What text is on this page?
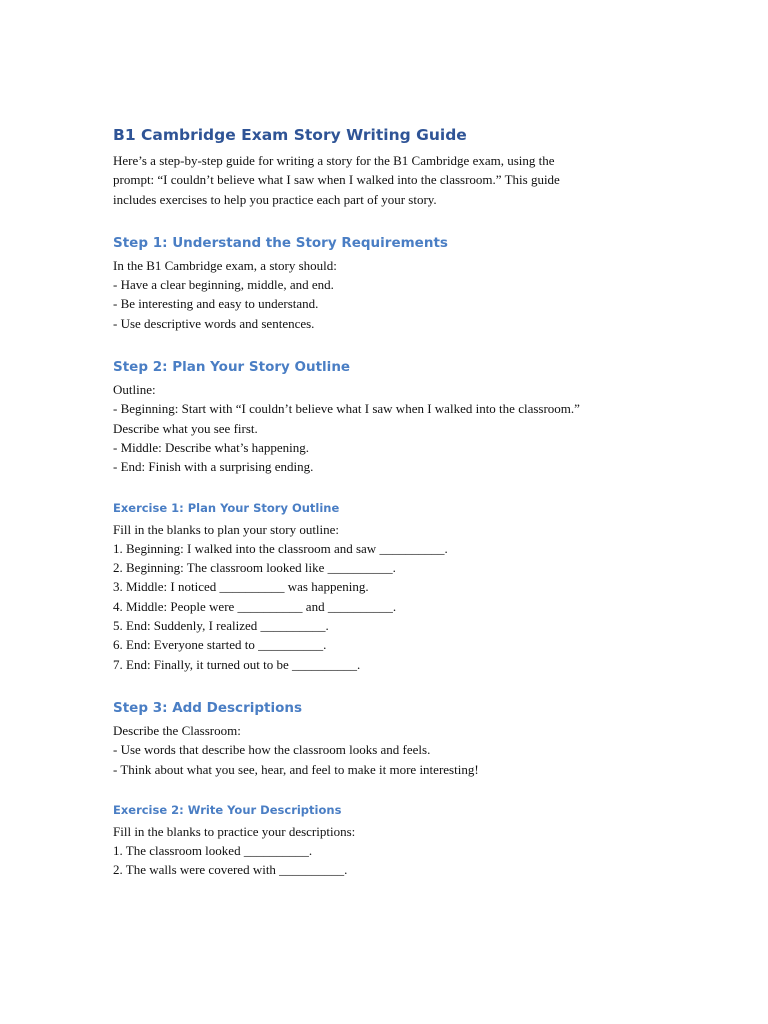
B1 Cambridge Exam Story Writing Guide

Here’s a step-by-step guide for writing a story for the B1 Cambridge exam, using the

prompt: “I couldn’t believe what I saw when I walked into the classroom.” This guide

includes exercises to help you practice each part of your story.

Step 1: Understand the Story Requirements

In the B1 Cambridge exam, a story should:

- Have a clear beginning, middle, and end.

- Be interesting and easy to understand.

- Use descriptive words and sentences.

Step 2: Plan Your Story Outline

Outline:

- Beginning: Start with “I couldn’t believe what I saw when I walked into the classroom.”

Describe what you see first.

- Middle: Describe what’s happening.

- End: Finish with a surprising ending.

Exercise 1: Plan Your Story Outline

Fill in the blanks to plan your story outline:

1. Beginning: I walked into the classroom and saw __________.

2. Beginning: The classroom looked like __________.

3. Middle: I noticed __________ was happening.

4. Middle: People were __________ and __________.

5. End: Suddenly, I realized __________.

6. End: Everyone started to __________.

7. End: Finally, it turned out to be __________.

Step 3: Add Descriptions

Describe the Classroom:

- Use words that describe how the classroom looks and feels.

- Think about what you see, hear, and feel to make it more interesting!

Exercise 2: Write Your Descriptions

Fill in the blanks to practice your descriptions:

1. The classroom looked __________.

2. The walls were covered with __________.
